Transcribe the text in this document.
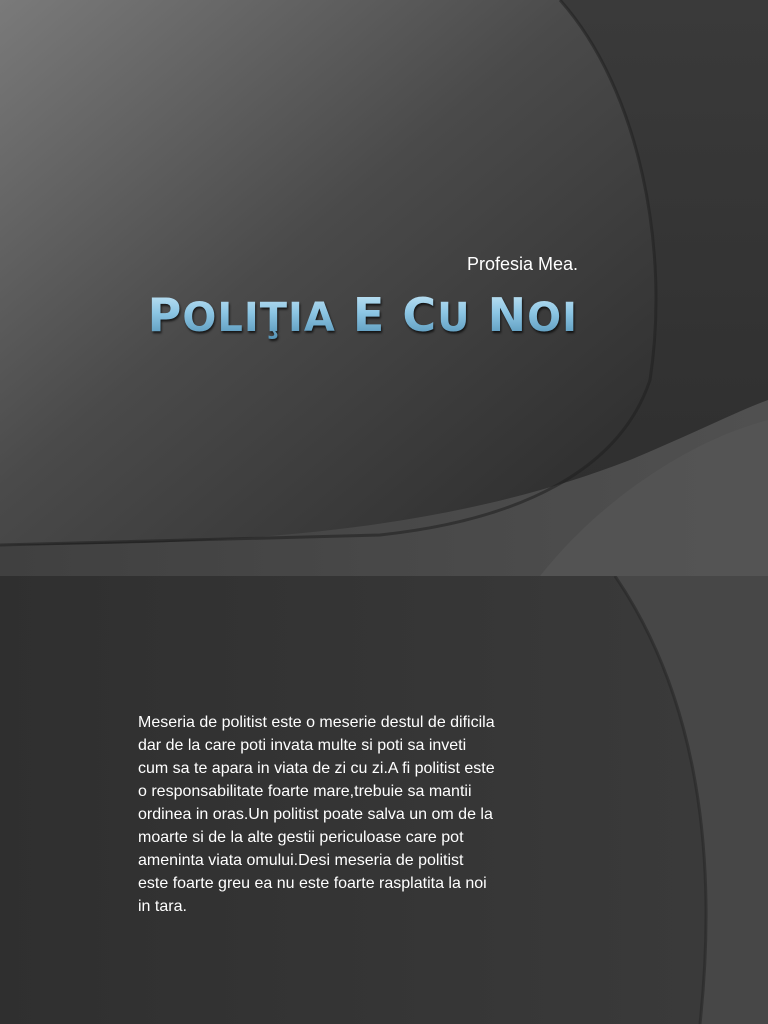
Profesia Mea.
POLIŢIA E CU NOI
Meseria de politist este o meserie destul de dificila
dar de la care poti invata multe si poti sa inveti
cum sa te apara in viata de zi cu zi.A fi politist este
o responsabilitate foarte mare,trebuie sa mantii
ordinea in oras.Un politist poate salva un om de la
moarte si de la alte gestii periculoase care pot
ameninta viata omului.Desi meseria de politist
este foarte greu ea nu este foarte rasplatita la noi
in tara.
